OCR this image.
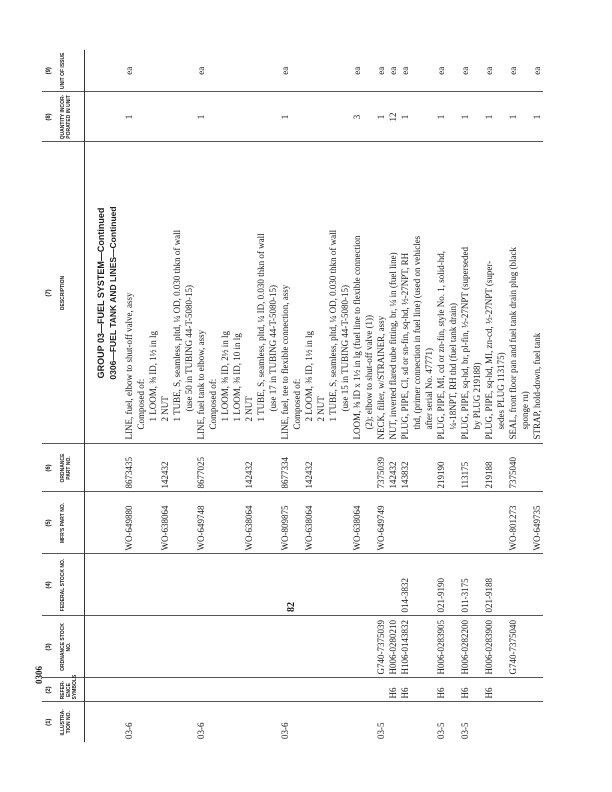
0306
82
(1) ILLUSTRA-TION NO.	(2) REFER-ENCE SYMBOLS	(3) ORDNANCE STOCK NO.	(4) FEDERAL STOCK NO.	(5) MFR'S PART NO.	(6) ORDNANCE PART NO.	(7) DESCRIPTION	(8) QUANTITY INCOR-PORATED IN UNIT	(9) UNIT OF ISSUE
						GROUP 03—FUEL SYSTEM—Continued		
						0306—FUEL TANK AND LINES—Continued		
03-6				WO-649880	8673435	LINE, fuel, elbow to shut-off valve, assy	1	ea
						Composed of:		
						1 LOOM, ⅜ ID, 1½ in lg		
				WO-638064	142432	2 NUT		
						1 TUBE, S, seamless, pltd, ¼ OD, 0.030 thkn of wall		
						(use 50 in TUBING 44-T-5080-15)		
03-6				WO-649748	8677025	LINE, fuel tank to elbow, assy	1	ea
						Composed of:		
						1 LOOM, ⅜ ID, 2½ in lg		
						1 LOOM, ⅜ ID, 10 in lg		
				WO-638064	142432	2 NUT		
						1 TUBE, S, seamless, pltd, ¼ ID, 0.030 thkn of wall		
						(use 17 in TUBING 44-T-5080-15)		
03-6				WO-809875	8677334	LINE, fuel, tee to flexible connection, assy	1	ea
						Composed of:		
				WO-638064	142432	2 LOOM, ⅜ ID, 1½ in lg		
						2 NUT		
						1 TUBE, S, seamless, pltd, ¼ OD, 0.030 thkn of wall		
						(use 15 in TUBING 44-T-5080-15)		
				WO-638064		LOOM, ⅜ ID x 1½ in lg (fuel line to flexible connection	3	ea
						(2); elbow to shut-off valve (1))		
03-5		G740-7375039		WO-649749	7375039	NECK, filler, w/STRAINER, assy	1	ea
	H6	H006-0280210			142432	NUT, inverted flared tube fitting, br, ¼ in (fuel line)	12	ea
	H6	H106-0143832	014-3832		143832	PLUG, PIPE, CI, sd or sn-fin, sq-hd, ½-27NPT, RH	1	ea
						thd, (primer connection in fuel line) (used on vehicles		
						after serial No. 47771)		
03-5	H6	H006-0283905	021-9190		219190	PLUG, PIPE, MI, cd or zn-fin, style No. 1, solid-hd,	1	ea
						¼-18NPT, RH thd (fuel tank drain)		
03-5	H6	H006-0282200	011-3175		113175	PLUG, PIPE, sq-hd, br, pl-fin, ½-27NPT (superseded	1	ea
						by PLUG 219188)		
	H6	H006-0283900	021-9188		219188	PLUG, PIPE, sq-hd, MI, zn-cd, ½-27NPT (super-	1	ea
						sedes PLUG 113175)		
		G740-7375040		WO-801273	7375040	SEAL, front floor pan and fuel tank drain plug (black	1	ea
						sponge ru)		
				WO-649735		STRAP, hold-down, fuel tank	1	ea
